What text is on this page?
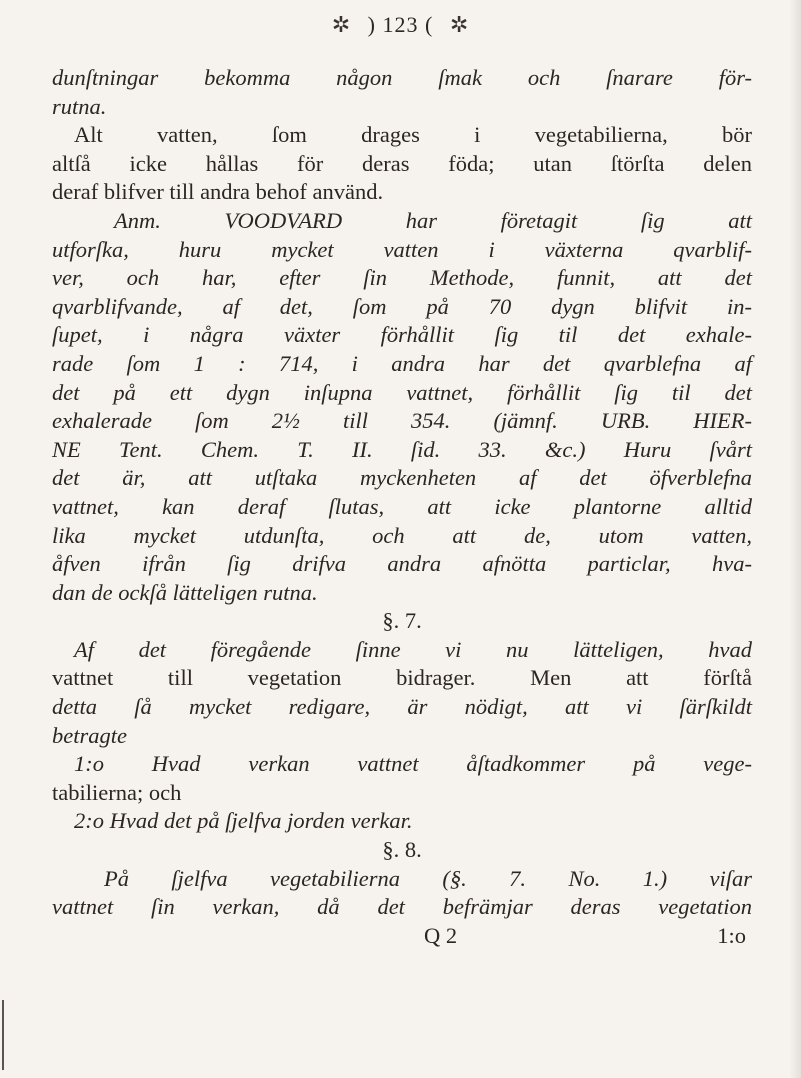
✲ ) 123 ( ✲
dunſtningar bekomma någon ſmak och ſnarare för-
rutna.
Alt vatten, ſom drages i vegetabilierna, bör
altſå icke hållas för deras föda; utan ſtörſta delen
deraf blifver till andra behof använd.
Anm. VOODVARD har företagit ſig att
utforſka, huru mycket vatten i växterna qvarblif-
ver, och har, efter ſin Methode, funnit, att det
qvarblifvande, af det, ſom på 70 dygn blifvit in-
ſupet, i några växter förhållit ſig til det exhale-
rade ſom 1 : 714, i andra har det qvarblefna af
det på ett dygn inſupna vattnet, förhållit ſig til det
exhalerade ſom 2½ till 354. (jämnf. URB. HIER-
NE Tent. Chem. T. II. ſid. 33. &c.) Huru ſvårt
det är, att utſtaka myckenheten af det öfverblefna
vattnet, kan deraf ſlutas, att icke plantorne alltid
lika mycket utdunſta, och att de, utom vatten,
åfven ifrån ſig drifva andra afnötta particlar, hva-
dan de ockſå lätteligen rutna.
§. 7.
Af det föregående ſinne vi nu lätteligen, hvad
vattnet till vegetation bidrager. Men att förſtå
detta ſå mycket redigare, är nödigt, att vi ſärſkildt
betragte
1:o Hvad verkan vattnet åſtadkommer på vege-
tabilierna; och
2:o Hvad det på ſjelfva jorden verkar.
§. 8.
På ſjelfva vegetabilierna (§. 7. No. 1.) viſar
vattnet ſin verkan, då det befrämjar deras vegetation
Q 2	1:o
